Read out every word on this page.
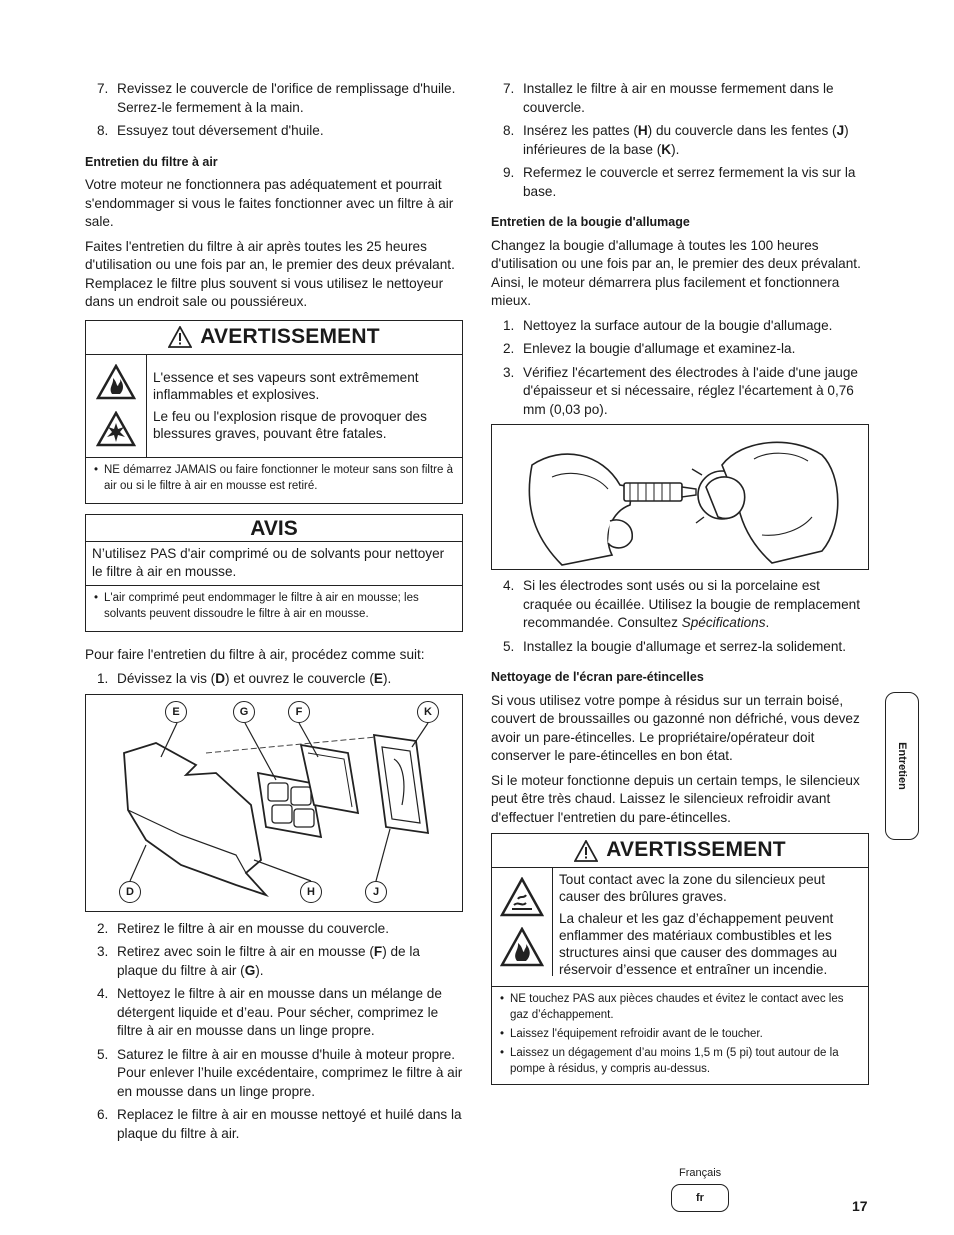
7. Revissez le couvercle de l'orifice de remplissage d'huile. Serrez-le fermement à la main.
8. Essuyez tout déversement d'huile.
Entretien du filtre à air

Votre moteur ne fonctionnera pas adéquatement et pourrait s'endommager si vous le faites fonctionner avec un filtre à air sale.

Faites l'entretien du filtre à air après toutes les 25 heures d'utilisation ou une fois par an, le premier des deux prévalant. Remplacez le filtre plus souvent si vous utilisez le nettoyeur dans un endroit sale ou poussiéreux.

AVERTISSEMENT

L'essence et ses vapeurs sont extrêmement inflammables et explosives.

Le feu ou l'explosion risque de provoquer des blessures graves, pouvant être fatales.

• NE démarrez JAMAIS ou faire fonctionner le moteur sans son filtre à air ou si le filtre à air en mousse est retiré.
AVIS
N’utilisez PAS d'air comprimé ou de solvants pour nettoyer le filtre à air en mousse.
• L'air comprimé peut endommager le filtre à air en mousse; les solvants peuvent dissoudre le filtre à air en mousse.

Pour faire l'entretien du filtre à air, procédez comme suit:

1. Dévissez la vis (D) et ouvrez le couvercle (E).
E	G	F	K
D	H	J
2. Retirez le filtre à air en mousse du couvercle.
3. Retirez avec soin le filtre à air en mousse (F) de la plaque du filtre à air (G).
4. Nettoyez le filtre à air en mousse dans un mélange de détergent liquide et d’eau. Pour sécher, comprimez le filtre à air en mousse dans un linge propre.
5. Saturez le filtre à air en mousse d'huile à moteur propre. Pour enlever l’huile excédentaire, comprimez le filtre à air en mousse dans un linge propre.
6. Replacez le filtre à air en mousse nettoyé et huilé dans la plaque du filtre à air.
7. Installez le filtre à air en mousse fermement dans le couvercle.
8. Insérez les pattes (H) du couvercle dans les fentes (J) inférieures de la base (K).
9. Refermez le couvercle et serrez fermement la vis sur la base.
Entretien de la bougie d'allumage

Changez la bougie d'allumage à toutes les 100 heures d'utilisation ou une fois par an, le premier des deux prévalant. Ainsi, le moteur démarrera plus facilement et fonctionnera mieux.

1. Nettoyez la surface autour de la bougie d'allumage.
2. Enlevez la bougie d'allumage et examinez-la.
3. Vérifiez l'écartement des électrodes à l'aide d'une jauge d'épaisseur et si nécessaire, réglez l'écartement à 0,76 mm (0,03 po).
4. Si les électrodes sont usés ou si la porcelaine est craquée ou écaillée. Utilisez la bougie de remplacement recommandée. Consultez Spécifications.
5. Installez la bougie d'allumage et serrez-la solidement.
Nettoyage de l'écran pare-étincelles

Si vous utilisez votre pompe à résidus sur un terrain boisé, couvert de broussailles ou gazonné non défriché, vous devez avoir un pare-étincelles. Le propriétaire/opérateur doit conserver le pare-étincelles en bon état.

Si le moteur fonctionne depuis un certain temps, le silencieux peut être très chaud. Laissez le silencieux refroidir avant d'effectuer l'entretien du pare-étincelles.

AVERTISSEMENT

Tout contact avec la zone du silencieux peut causer des brûlures graves.

La chaleur et les gaz d’échappement peuvent enflammer des matériaux combustibles et les structures ainsi que causer des dommages au réservoir d’essence et entraîner un incendie.

• NE touchez PAS aux pièces chaudes et évitez le contact avec les gaz d’échappement.
• Laissez l'équipement refroidir avant de le toucher.
• Laissez un dégagement d’au moins 1,5 m (5 pi) tout autour de la pompe à résidus, y compris au-dessus.
Entretien
Français
fr	17
